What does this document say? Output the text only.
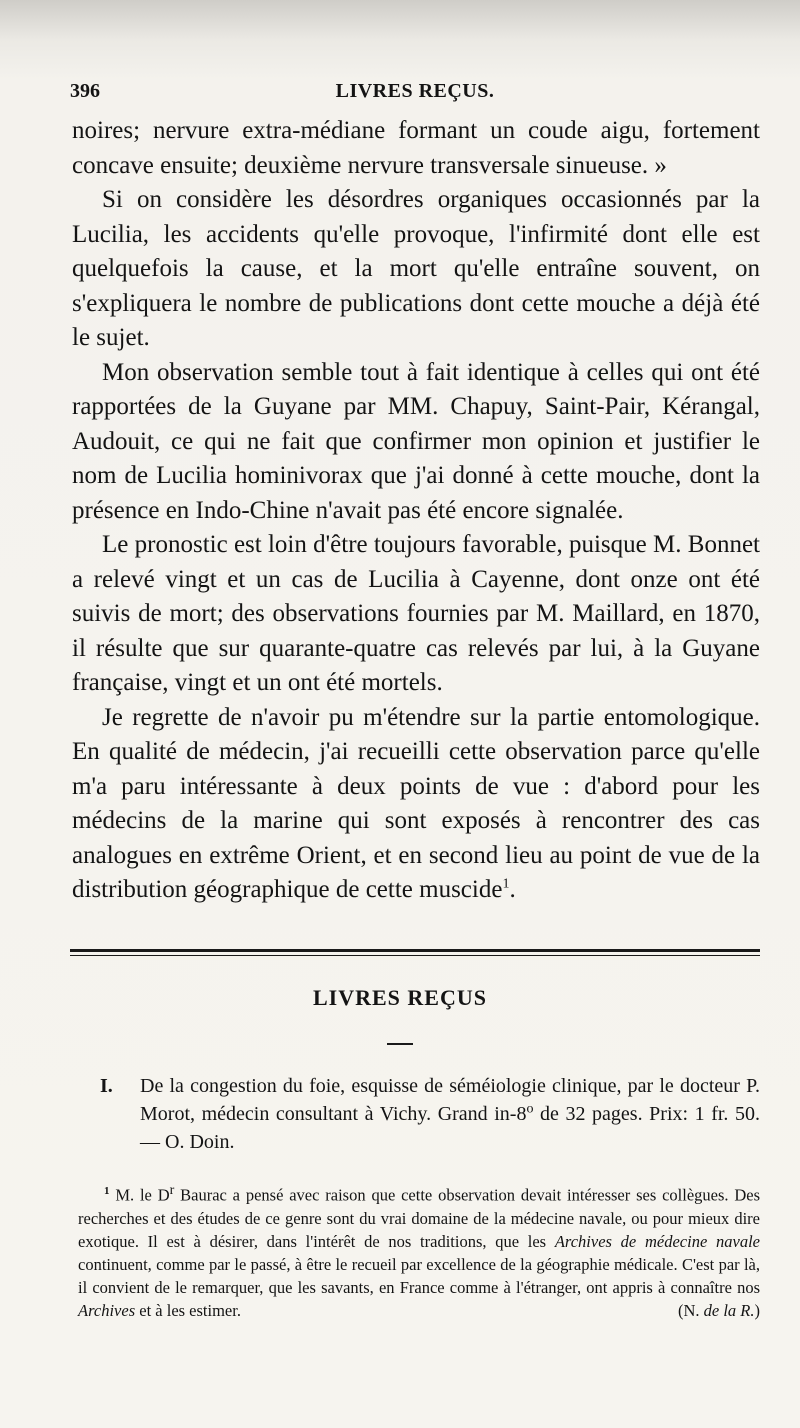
396	LIVRES REÇUS.

noires; nervure extra-médiane formant un coude aigu, fortement concave ensuite; deuxième nervure transversale sinueuse. »

Si on considère les désordres organiques occasionnés par la Lucilia, les accidents qu'elle provoque, l'infirmité dont elle est quelquefois la cause, et la mort qu'elle entraîne souvent, on s'expliquera le nombre de publications dont cette mouche a déjà été le sujet.

Mon observation semble tout à fait identique à celles qui ont été rapportées de la Guyane par MM. Chapuy, Saint-Pair, Kérangal, Audouit, ce qui ne fait que confirmer mon opinion et justifier le nom de Lucilia hominivorax que j'ai donné à cette mouche, dont la présence en Indo-Chine n'avait pas été encore signalée.

Le pronostic est loin d'être toujours favorable, puisque M. Bonnet a relevé vingt et un cas de Lucilia à Cayenne, dont onze ont été suivis de mort; des observations fournies par M. Maillard, en 1870, il résulte que sur quarante-quatre cas relevés par lui, à la Guyane française, vingt et un ont été mortels.

Je regrette de n'avoir pu m'étendre sur la partie entomologique. En qualité de médecin, j'ai recueilli cette observation parce qu'elle m'a paru intéressante à deux points de vue : d'abord pour les médecins de la marine qui sont exposés à rencontrer des cas analogues en extrême Orient, et en second lieu au point de vue de la distribution géographique de cette muscide$^1$.

LIVRES REÇUS
I. De la congestion du foie, esquisse de séméiologie clinique, par le docteur P. Morot, médecin consultant à Vichy. Grand in-8$^o$ de 32 pages. Prix: 1 fr. 50. — O. Doin.

$^1$ M. le $D^r$ Baurac a pensé avec raison que cette observation devait intéresser ses collègues. Des recherches et des études de ce genre sont du vrai domaine de la médecine navale, ou pour mieux dire exotique. Il est à désirer, dans l'intérêt de nos traditions, que les Archives de médecine navale continuent, comme par le passé, à être le recueil par excellence de la géographie médicale. C'est par là, il convient de le remarquer, que les savants, en France comme à l'étranger, ont appris à connaître nos Archives et à les estimer.	(N. de la R.)
